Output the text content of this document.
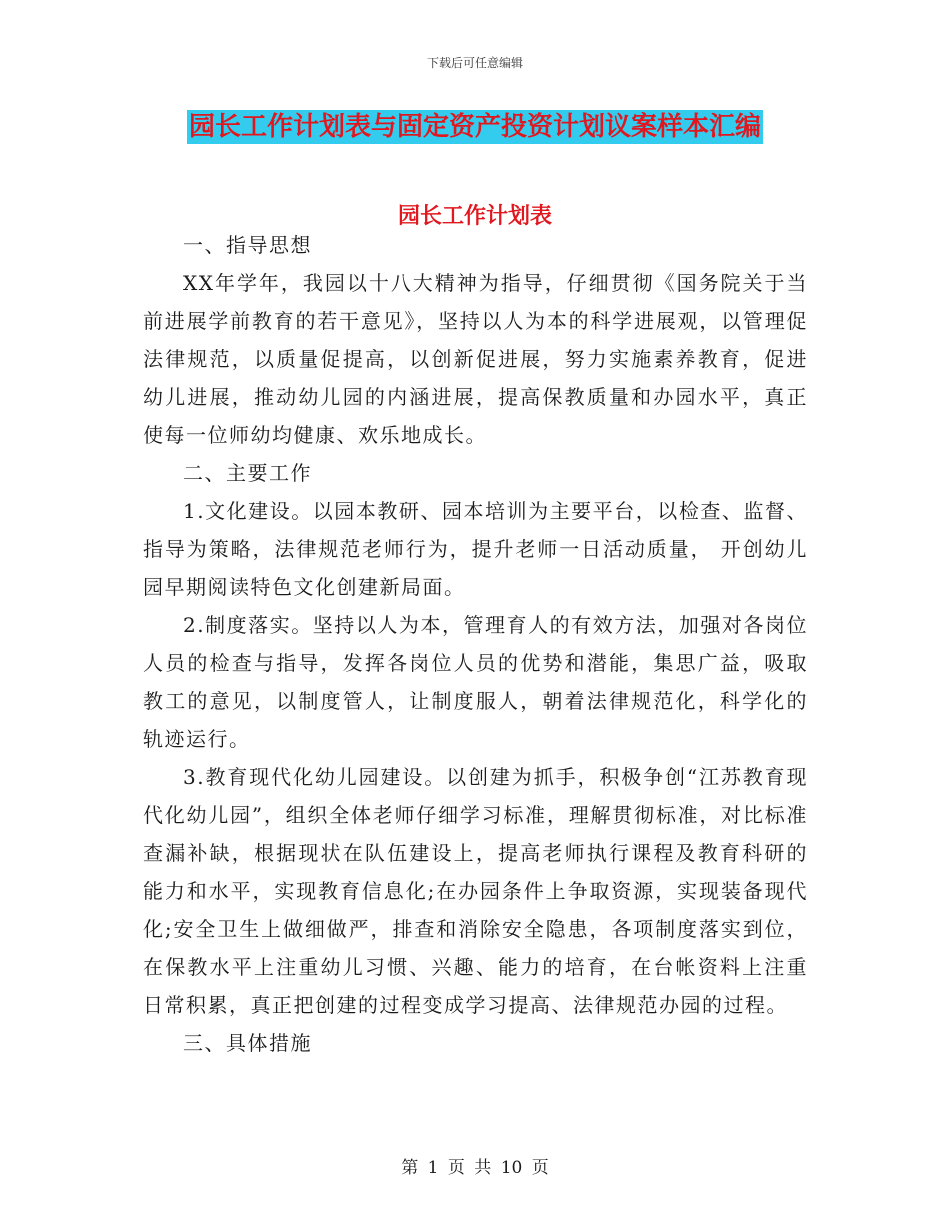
下载后可任意编辑
园长工作计划表与固定资产投资计划议案样本汇编
园长工作计划表

一、指导思想

XX年学年，我园以十八大精神为指导，仔细贯彻《国务院关于当前进展学前教育的若干意见》，坚持以人为本的科学进展观，以管理促法律规范，以质量促提高，以创新促进展，努力实施素养教育，促进幼儿进展，推动幼儿园的内涵进展，提高保教质量和办园水平，真正使每一位师幼均健康、欢乐地成长。

二、主要工作

1.文化建设。以园本教研、园本培训为主要平台，以检查、监督、指导为策略，法律规范老师行为，提升老师一日活动质量， 开创幼儿园早期阅读特色文化创建新局面。

2.制度落实。坚持以人为本，管理育人的有效方法，加强对各岗位人员的检查与指导，发挥各岗位人员的优势和潜能，集思广益，吸取教工的意见，以制度管人，让制度服人，朝着法律规范化，科学化的轨迹运行。

3.教育现代化幼儿园建设。以创建为抓手，积极争创“江苏教育现代化幼儿园”，组织全体老师仔细学习标准，理解贯彻标准，对比标准查漏补缺，根据现状在队伍建设上，提高老师执行课程及教育科研的能力和水平，实现教育信息化;在办园条件上争取资源，实现装备现代化;安全卫生上做细做严，排查和消除安全隐患，各项制度落实到位，在保教水平上注重幼儿习惯、兴趣、能力的培育，在台帐资料上注重日常积累，真正把创建的过程变成学习提高、法律规范办园的过程。

三、具体措施

第 1 页 共 10 页
